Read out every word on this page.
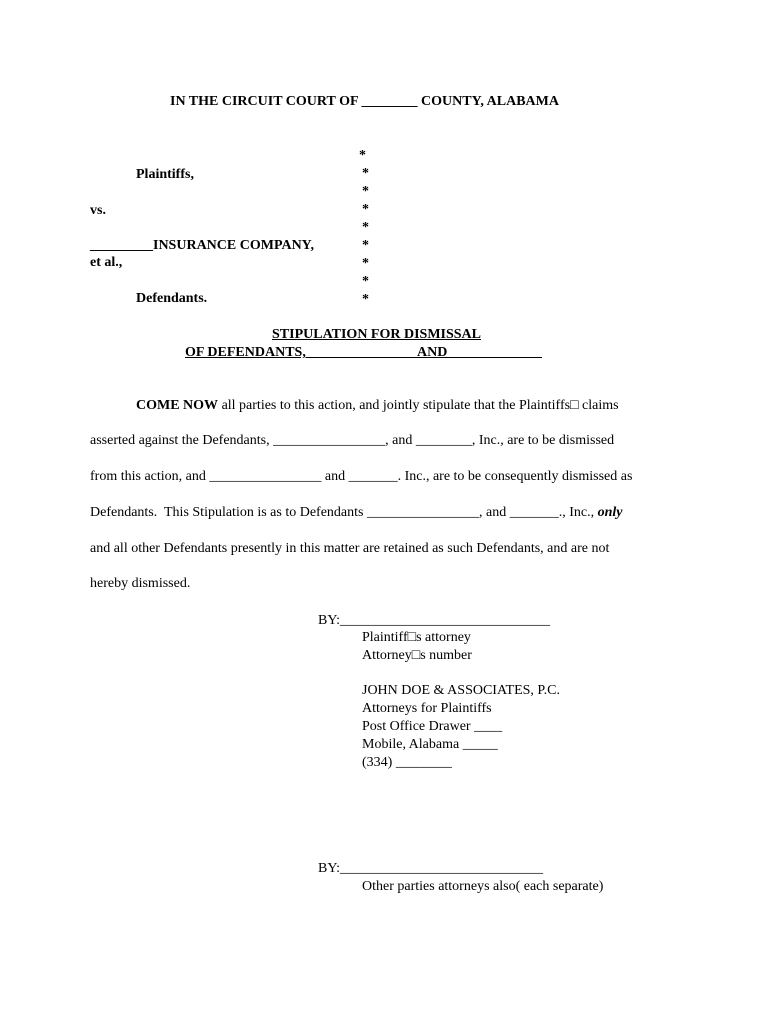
IN THE CIRCUIT COURT OF ________ COUNTY, ALABAMA
Plaintiffs,
vs.
_________INSURANCE COMPANY,
et al.,
Defendants.
*
*
*
*
*
*
*
*
*
STIPULATION FOR DISMISSAL
OF DEFENDANTS, _______________ AND _____________
COME NOW all parties to this action, and jointly stipulate that the Plaintiffs□ claims
asserted against the Defendants, ________________, and ________, Inc., are to be dismissed
from this action, and ________________ and _______. Inc., are to be consequently dismissed as
Defendants.  This Stipulation is as to Defendants ________________, and _______., Inc., only
and all other Defendants presently in this matter are retained as such Defendants, and are not
hereby dismissed.
BY:______________________________
Plaintiff□s attorney
Attorney□s number
JOHN DOE & ASSOCIATES, P.C.
Attorneys for Plaintiffs
Post Office Drawer ____
Mobile, Alabama _____
(334) ________
BY:_____________________________
Other parties attorneys also( each separate)
